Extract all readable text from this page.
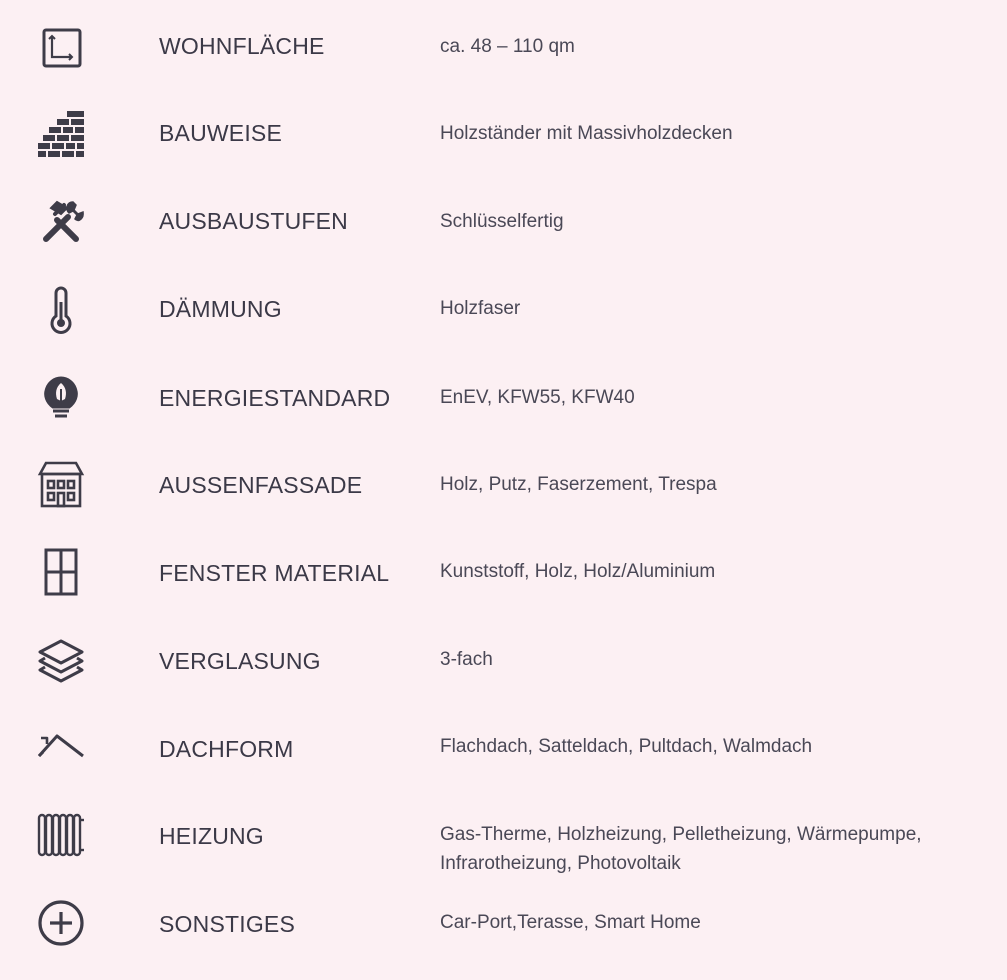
WOHNFLÄCHE	ca. 48 – 110 qm
BAUWEISE	Holzständer mit Massivholzdecken
AUSBAUSTUFEN	Schlüsselfertig
DÄMMUNG	Holzfaser
ENERGIESTANDARD	EnEV, KFW55, KFW40
AUSSENFASSADE	Holz, Putz, Faserzement, Trespa
FENSTER MATERIAL	Kunststoff, Holz, Holz/Aluminium
VERGLASUNG	3-fach
DACHFORM	Flachdach, Satteldach, Pultdach, Walmdach
HEIZUNG	Gas-Therme, Holzheizung, Pelletheizung, Wärmepumpe, Infrarotheizung, Photovoltaik
SONSTIGES	Car-Port,Terasse, Smart Home
